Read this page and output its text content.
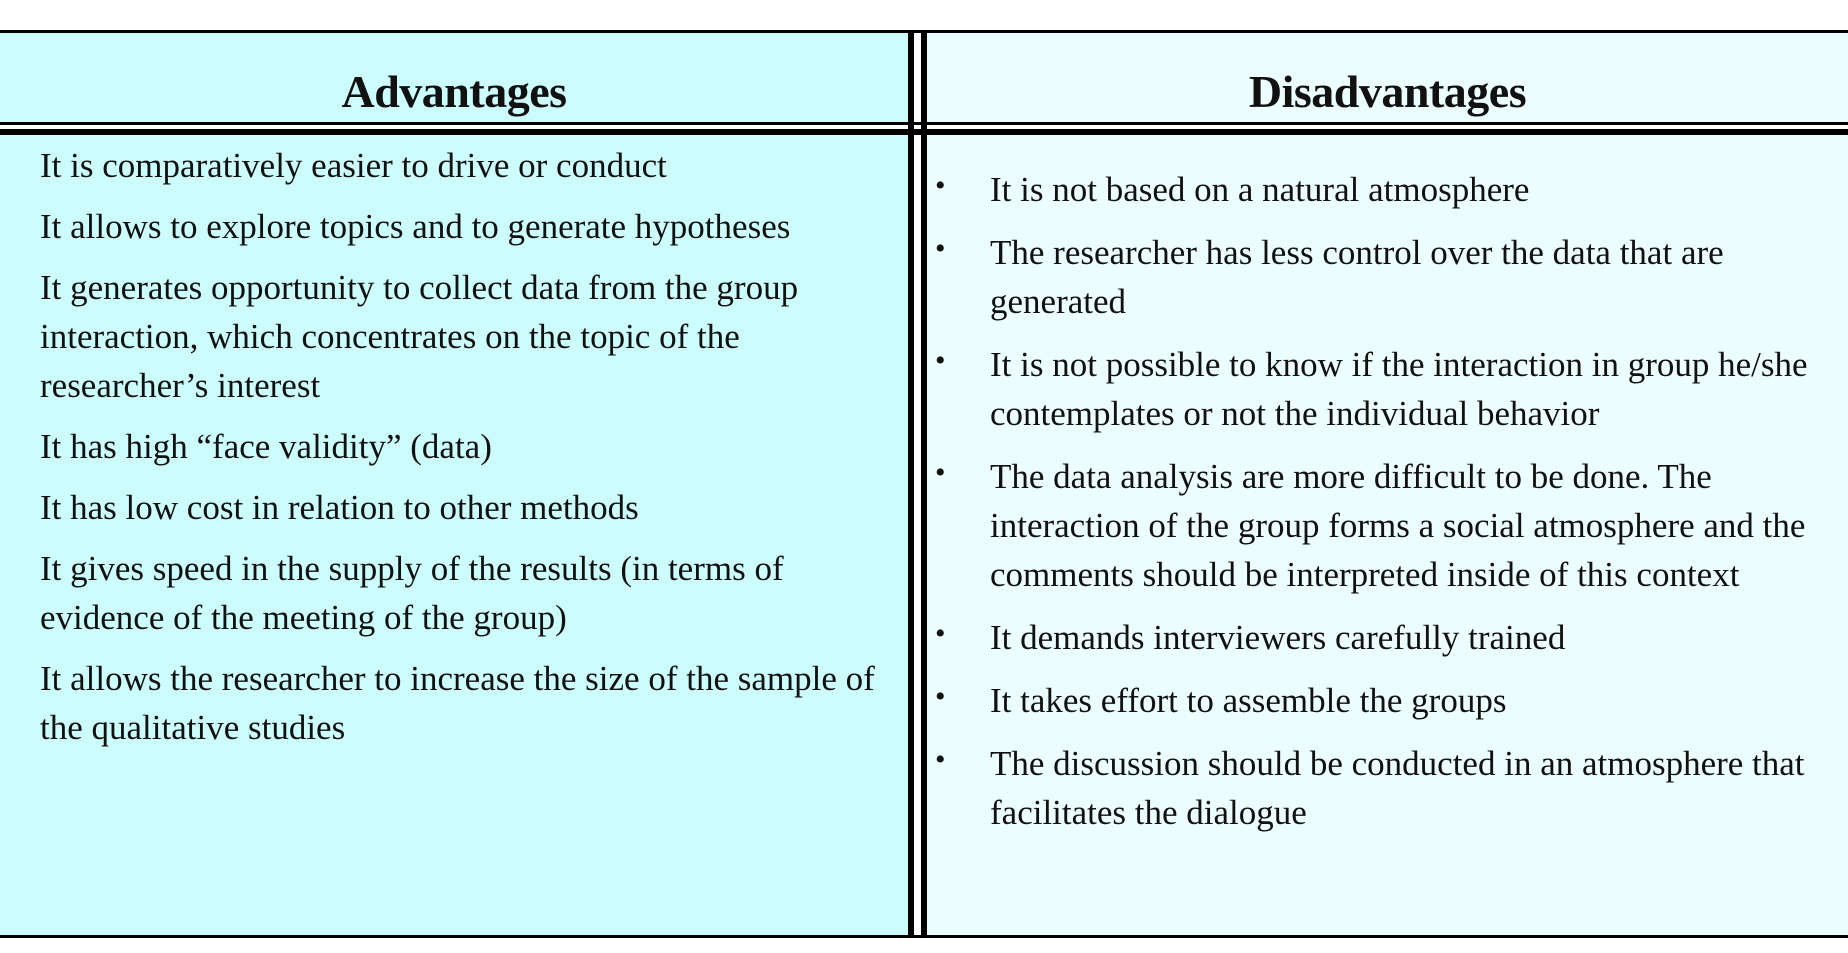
Advantages	Disadvantages
It is comparatively easier to drive or conduct
It allows to explore topics and to generate hypotheses
It generates opportunity to collect data from the group interaction, which concentrates on the topic of the researcher’s interest
It has high “face validity” (data)
It has low cost in relation to other methods
It gives speed in the supply of the results (in terms of evidence of the meeting of the group)
It allows the researcher to increase the size of the sample of the qualitative studies
• It is not based on a natural atmosphere
• The researcher has less control over the data that are generated
• It is not possible to know if the interaction in group he/she contemplates or not the individual behavior
• The data analysis are more difficult to be done. The interaction of the group forms a social atmosphere and the comments should be interpreted inside of this context
• It demands interviewers carefully trained
• It takes effort to assemble the groups
• The discussion should be conducted in an atmosphere that facilitates the dialogue
